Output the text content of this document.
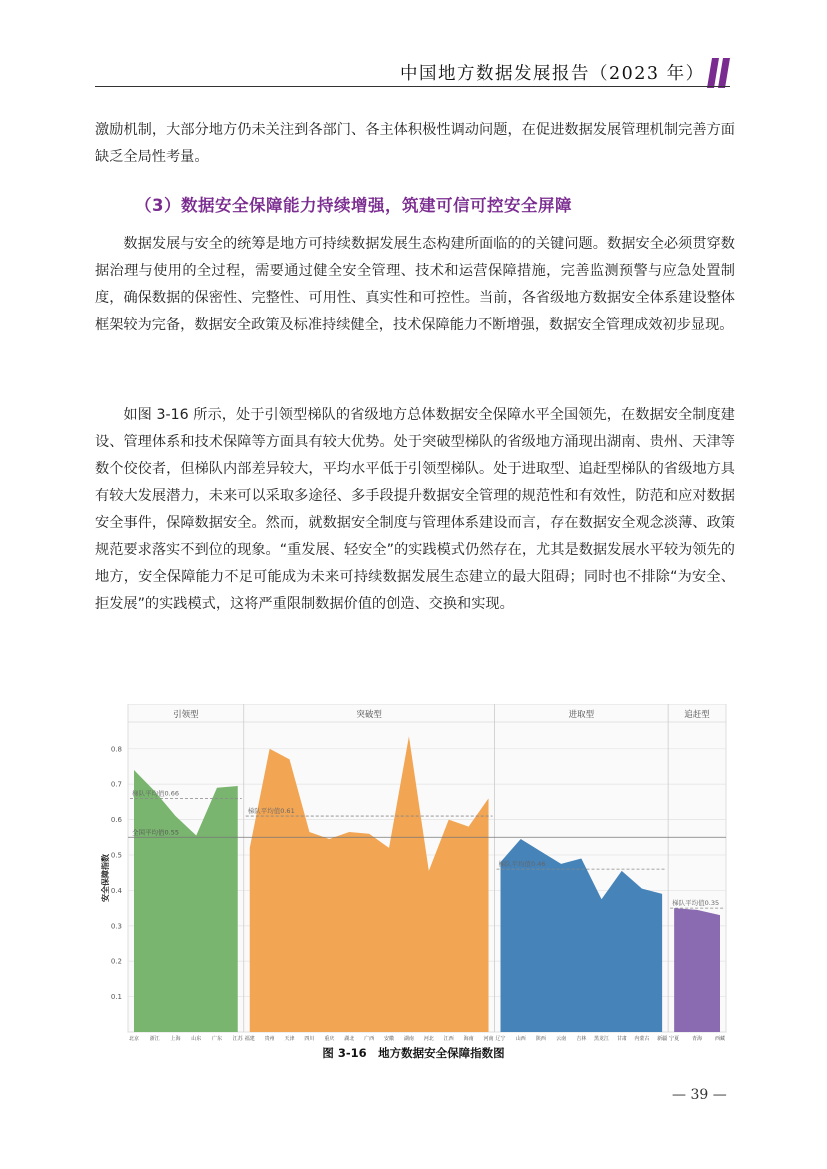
中国地方数据发展报告（2023 年）
激励机制，大部分地方仍未关注到各部门、各主体积极性调动问题，在促进数据发展管理机制完善方面缺乏全局性考量。
（3）数据安全保障能力持续增强，筑建可信可控安全屏障
数据发展与安全的统筹是地方可持续数据发展生态构建所面临的的关键问题。数据安全必须贯穿数据治理与使用的全过程，需要通过健全安全管理、技术和运营保障措施，完善监测预警与应急处置制度，确保数据的保密性、完整性、可用性、真实性和可控性。当前，各省级地方数据安全体系建设整体框架较为完备，数据安全政策及标准持续健全，技术保障能力不断增强，数据安全管理成效初步显现。
如图 3-16 所示，处于引领型梯队的省级地方总体数据安全保障水平全国领先，在数据安全制度建设、管理体系和技术保障等方面具有较大优势。处于突破型梯队的省级地方涌现出湖南、贵州、天津等数个佼佼者，但梯队内部差异较大，平均水平低于引领型梯队。处于进取型、追赶型梯队的省级地方具有较大发展潜力，未来可以采取多途径、多手段提升数据安全管理的规范性和有效性，防范和应对数据安全事件，保障数据安全。然而，就数据安全制度与管理体系建设而言，存在数据安全观念淡薄、政策规范要求落实不到位的现象。“重发展、轻安全”的实践模式仍然存在，尤其是数据发展水平较为领先的地方，安全保障能力不足可能成为未来可持续数据发展生态建立的最大阻碍；同时也不排除“为安全、拒发展”的实践模式，这将严重限制数据价值的创造、交换和实现。
0.1
0.2
0.3
0.4
0.5
0.6
0.7
0.8
安全保障指数
引领型
北京 浙江 上海 山东 广东 江苏
梯队平均值0.66
突破型
福建 贵州 天津 四川 重庆 湖北 广西 安徽 湖南 河北 江西 海南 河南
梯队平均值0.61
进取型
辽宁 山西 陕西 云南 吉林 黑龙江 甘肃 内蒙古 新疆
梯队平均值0.46
追赶型
宁夏	青海	西藏
梯队平均值0.35
全国平均值0.55
图 3-16　地方数据安全保障指数图
— 39 —
